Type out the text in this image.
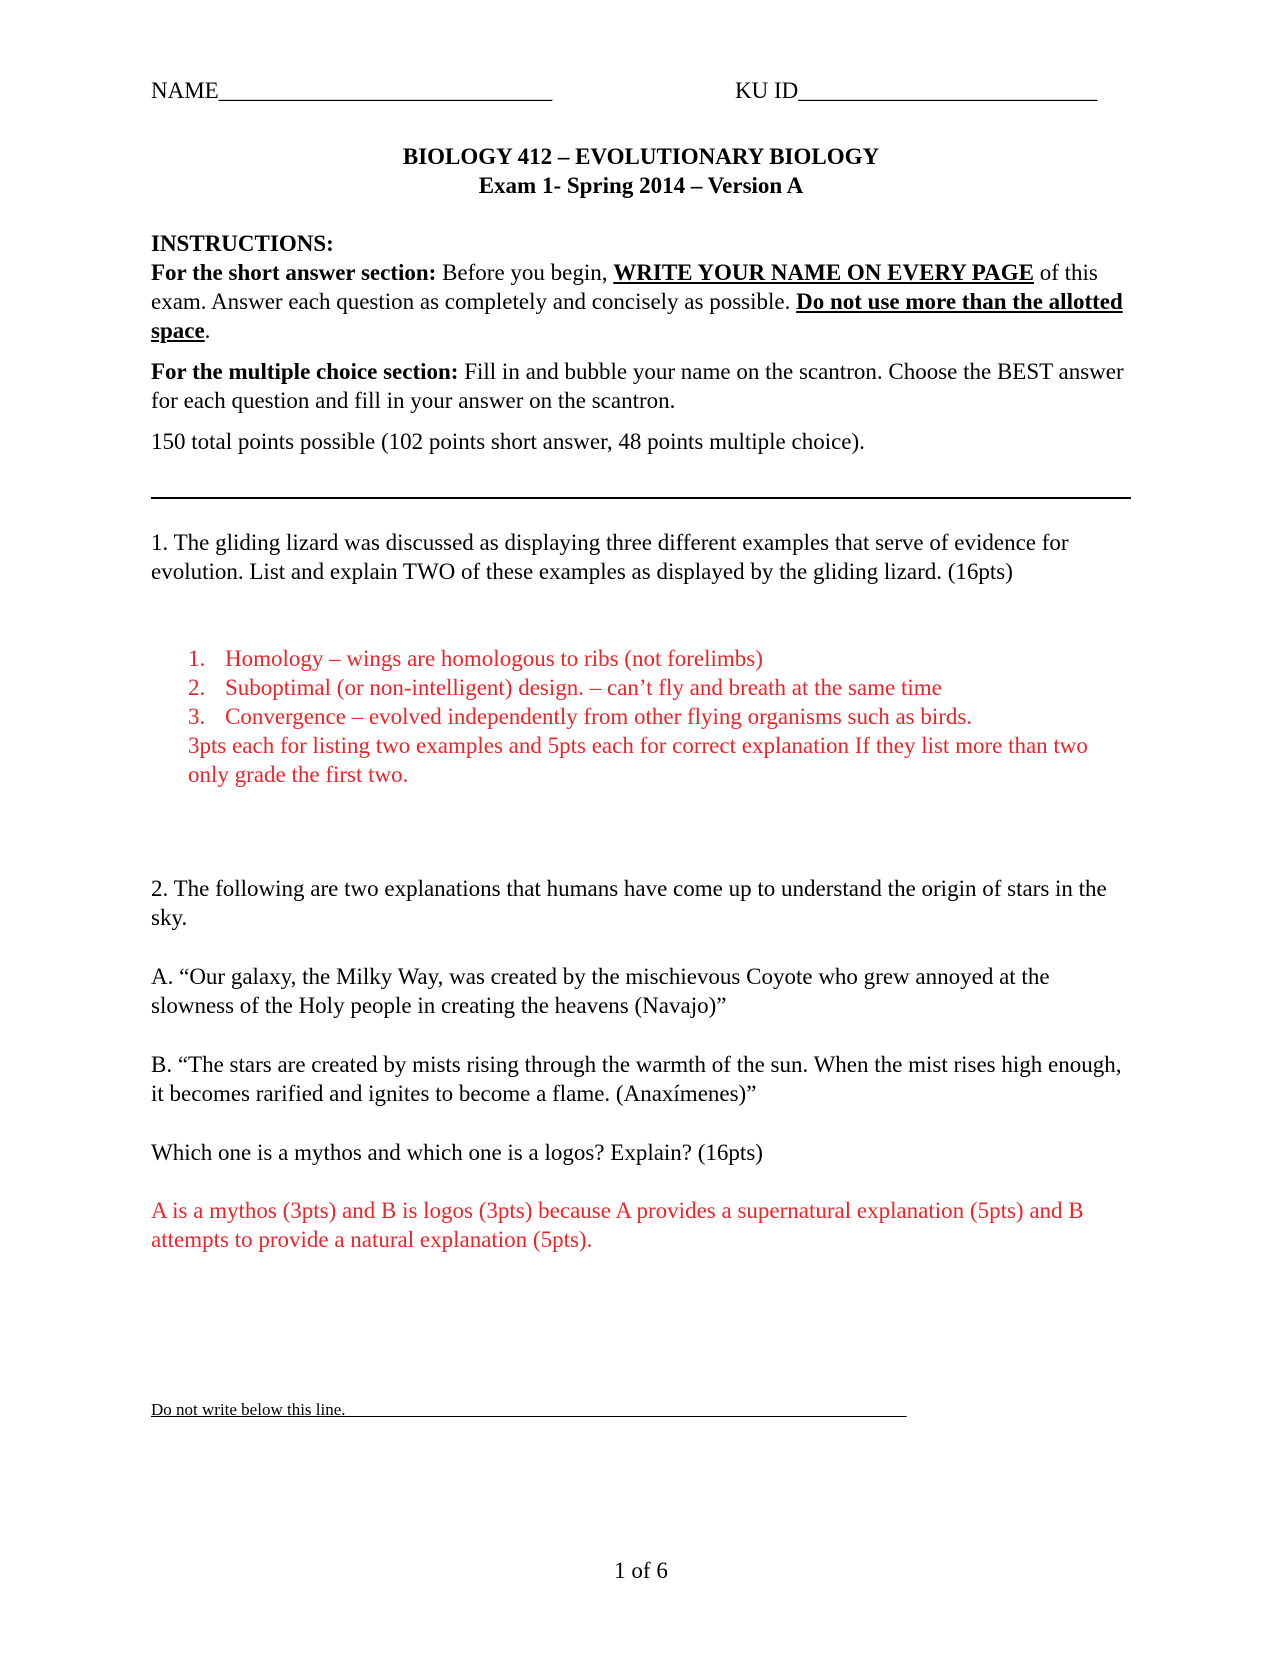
NAME_____________________________	KU ID__________________________
BIOLOGY 412 – EVOLUTIONARY BIOLOGY
Exam 1- Spring 2014 – Version A
INSTRUCTIONS:

For the short answer section: Before you begin, WRITE YOUR NAME ON EVERY PAGE of this exam. Answer each question as completely and concisely as possible. Do not use more than the allotted space.

For the multiple choice section: Fill in and bubble your name on the scantron. Choose the BEST answer for each question and fill in your answer on the scantron.

150 total points possible (102 points short answer, 48 points multiple choice).

1. The gliding lizard was discussed as displaying three different examples that serve of evidence for evolution. List and explain TWO of these examples as displayed by the gliding lizard. (16pts)
1. Homology – wings are homologous to ribs (not forelimbs)
2. Suboptimal (or non-intelligent) design. – can’t fly and breath at the same time
3. Convergence – evolved independently from other flying organisms such as birds.
3pts each for listing two examples and 5pts each for correct explanation If they list more than two only grade the first two.
2. The following are two explanations that humans have come up to understand the origin of stars in the sky.
A. “Our galaxy, the Milky Way, was created by the mischievous Coyote who grew annoyed at the slowness of the Holy people in creating the heavens (Navajo)”
B. “The stars are created by mists rising through the warmth of the sun. When the mist rises high enough, it becomes rarified and ignites to become a flame. (Anaxímenes)”
Which one is a mythos and which one is a logos? Explain? (16pts)
A is a mythos (3pts) and B is logos (3pts) because A provides a supernatural explanation (5pts) and B attempts to provide a natural explanation (5pts).
Do not write below this line.__________________________________________________________________
1 of 6
